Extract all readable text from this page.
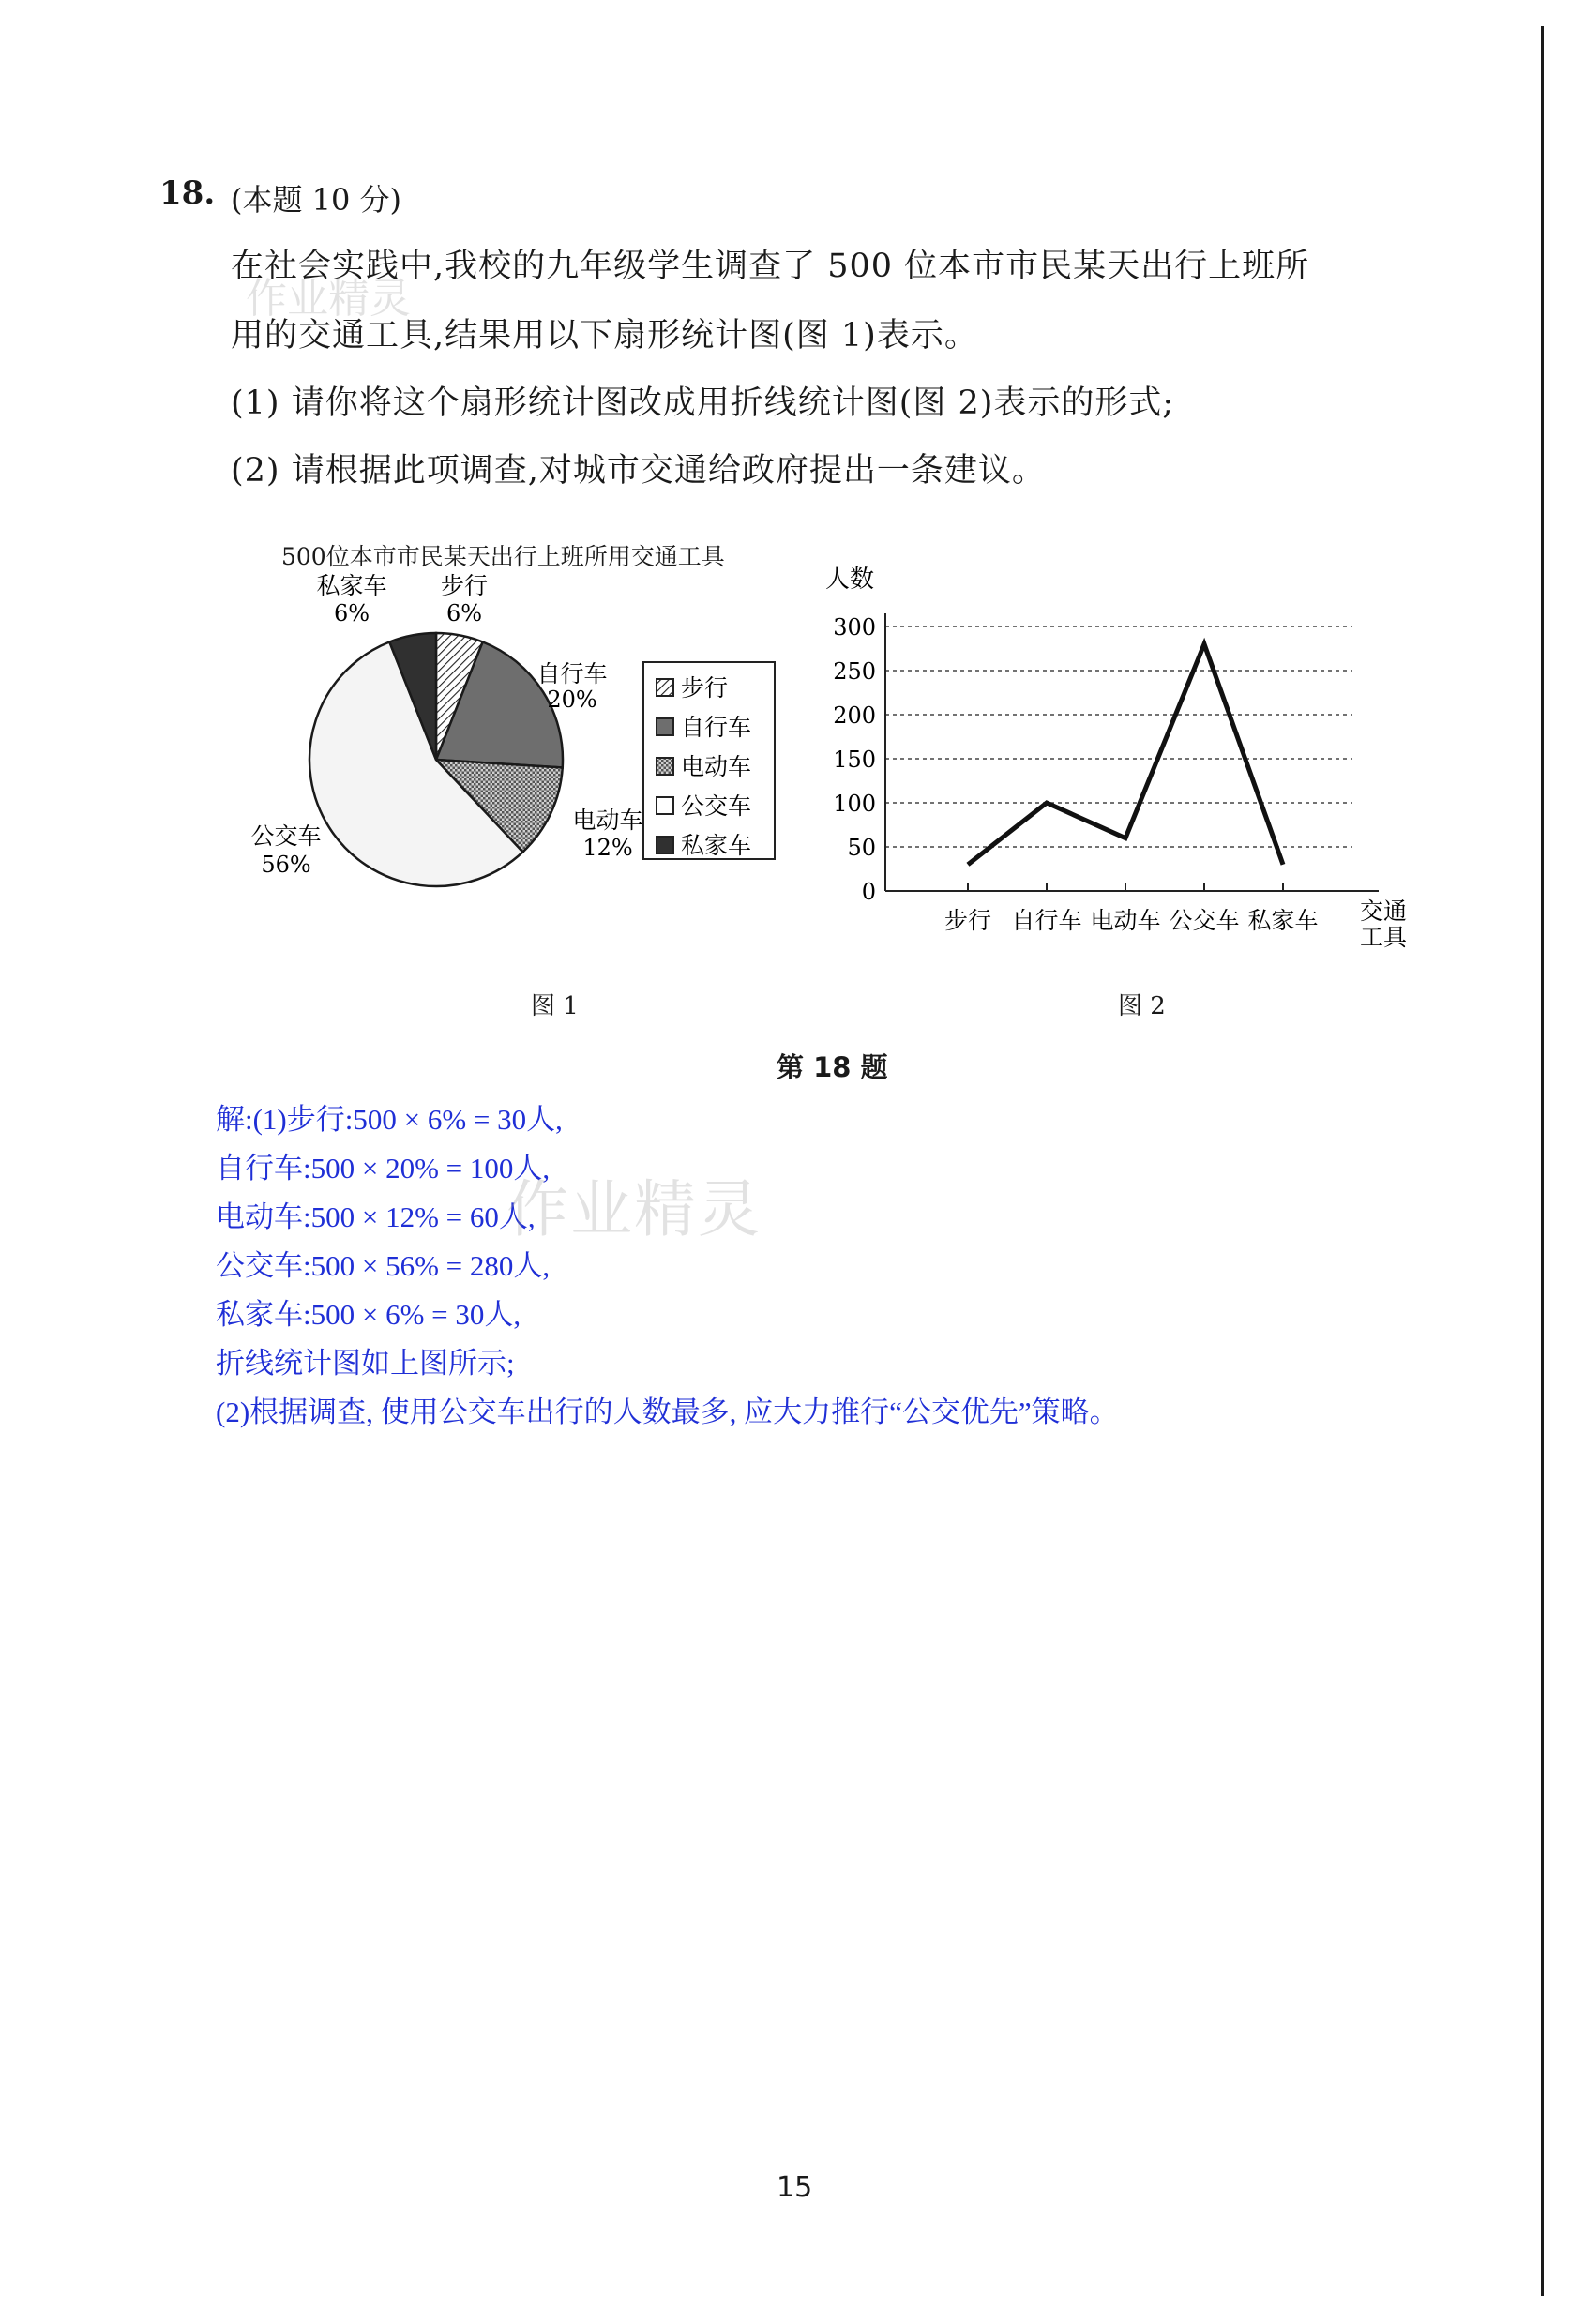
18. (本题 10 分)
在社会实践中,我校的九年级学生调查了 500 位本市市民某天出行上班所
用的交通工具,结果用以下扇形统计图(图 1)表示。
(1) 请你将这个扇形统计图改成用折线统计图(图 2)表示的形式;
(2) 请根据此项调查,对城市交通给政府提出一条建议。
作业精灵
500位本市市民某天出行上班所用交通工具
步行
6%
自行车
20%
电动车
12%
公交车
56%
私家车
6%
步行
自行车
电动车
公交车
私家车
人数
0
50
100
150
200
250
300
步行 自行车 电动车 公交车 私家车 交通
工具
图 1	图 2
第 18 题
解:(1)步行:500 × 6% = 30人,
自行车:500 × 20% = 100人,
电动车:500 × 12% = 60人,
公交车:500 × 56% = 280人,
私家车:500 × 6% = 30人,
折线统计图如上图所示;
(2)根据调查, 使用公交车出行的人数最多, 应大力推行“公交优先”策略。
作业精灵
15
